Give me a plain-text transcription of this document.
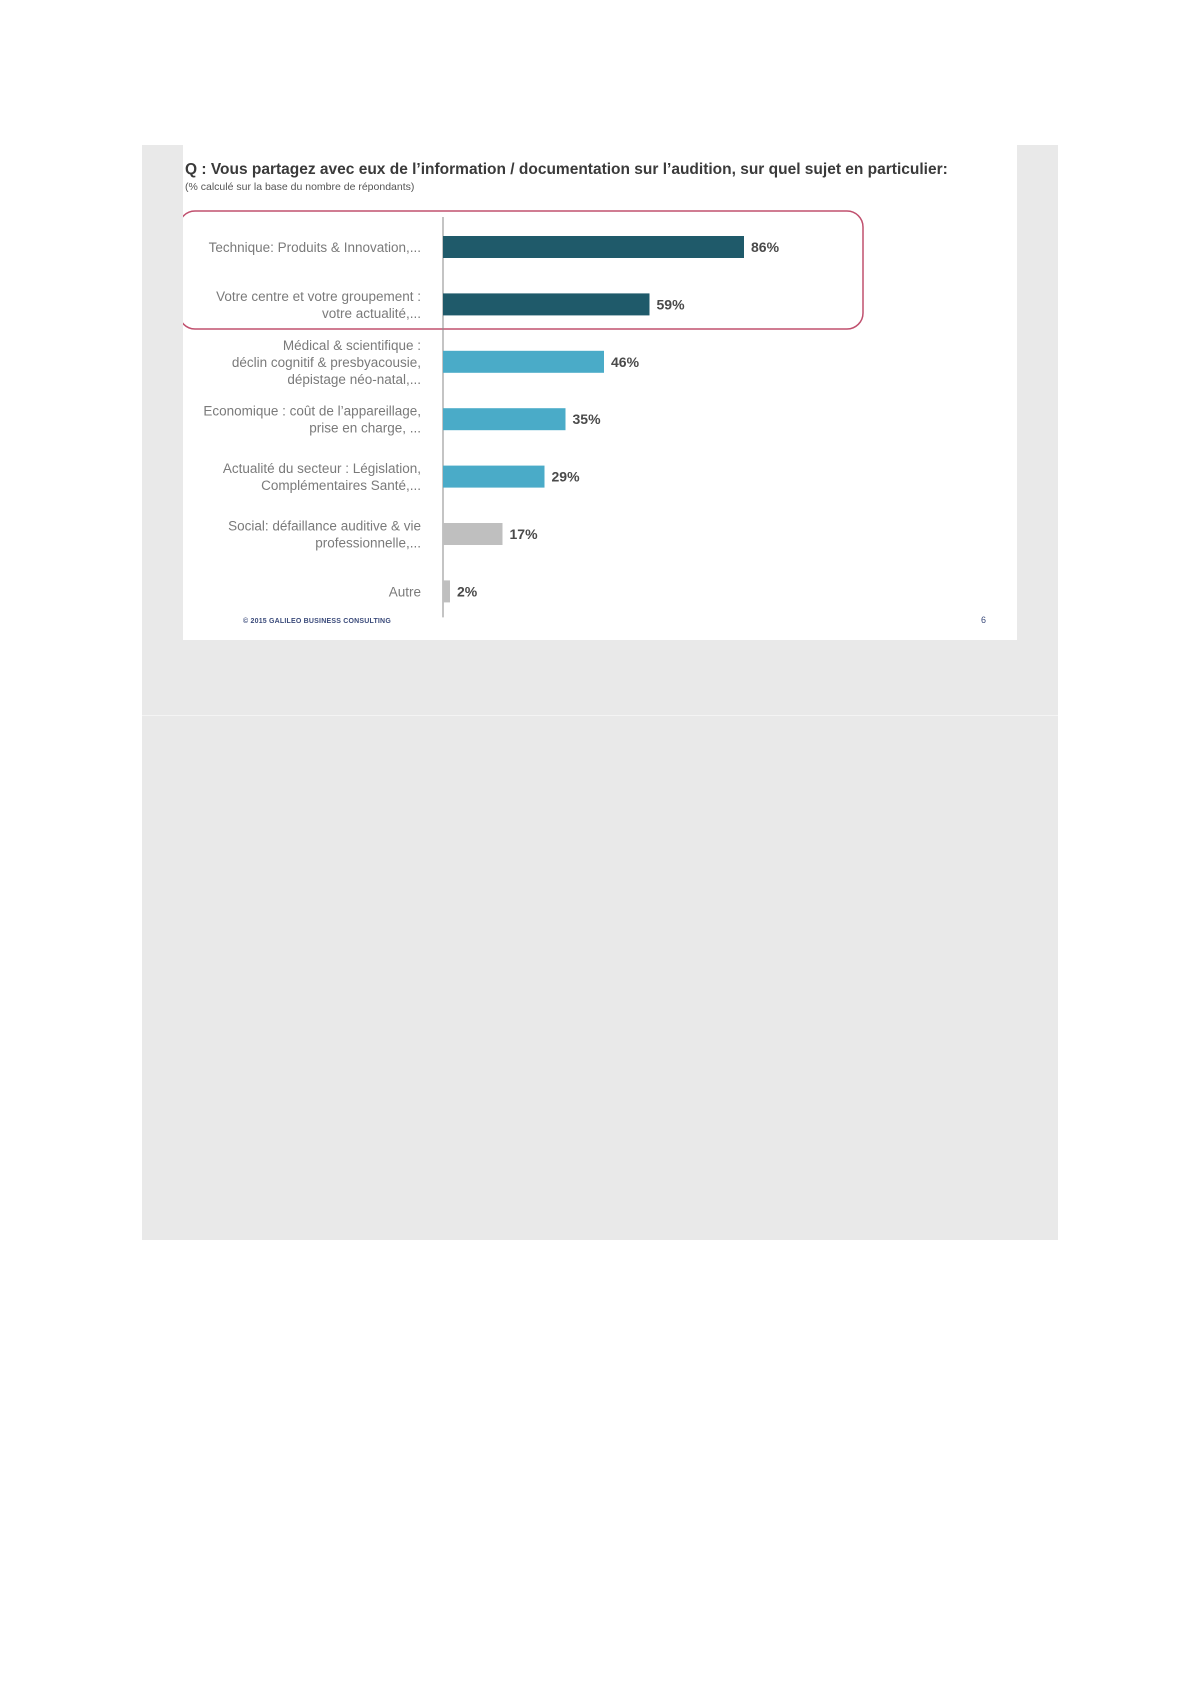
Q : Vous partagez avec eux de l’information / documentation sur l’audition, sur quel sujet en particulier:
(% calculé sur la base du nombre de répondants)
86%
Technique: Produits & Innovation,...
59%
Votre centre et votre groupement : votre actualité,...
46%
Médical & scientifique : déclin cognitif & presbyacousie, dépistage néo-natal,...
35%
Economique : coût de l’appareillage, prise en charge, ...
29%
Actualité du secteur : Législation, Complémentaires Santé,...
17%
Social: défaillance auditive & vie professionnelle,...
2%
Autre
© 2015 GALILEO BUSINESS CONSULTING	6
